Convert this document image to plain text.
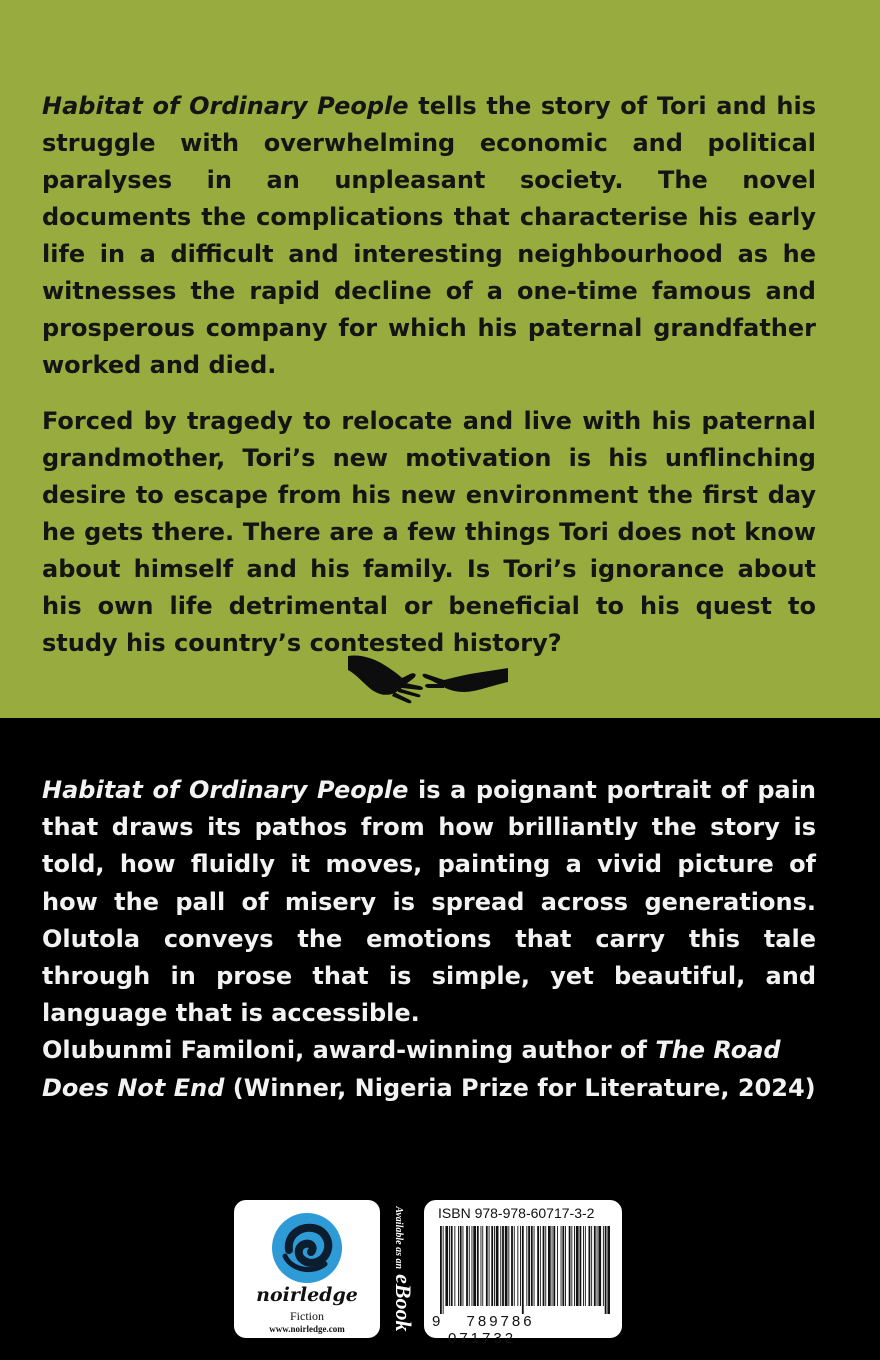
Habitat of Ordinary People tells the story of Tori and his struggle with overwhelming economic and political paralyses in an unpleasant society. The novel documents the complications that characterise his early life in a difficult and interesting neighbourhood as he witnesses the rapid decline of a one-time famous and prosperous company for which his paternal grandfather worked and died.

Forced by tragedy to relocate and live with his paternal grandmother, Tori’s new motivation is his unflinching desire to escape from his new environment the first day he gets there. There are a few things Tori does not know about himself and his family. Is Tori’s ignorance about his own life detrimental or beneficial to his quest to study his country’s contested history?

Habitat of Ordinary People is a poignant portrait of pain that draws its pathos from how brilliantly the story is told, how fluidly it moves, painting a vivid picture of how the pall of misery is spread across generations. Olutola conveys the emotions that carry this tale through in prose that is simple, yet beautiful, and language that is accessible.

Olubunmi Familoni, award-winning author of The Road Does Not End (Winner, Nigeria Prize for Literature, 2024)

noirledge
Fiction
www.noirledge.com
Available as an eBook
ISBN 978-978-60717-3-2
9 789786 071732
